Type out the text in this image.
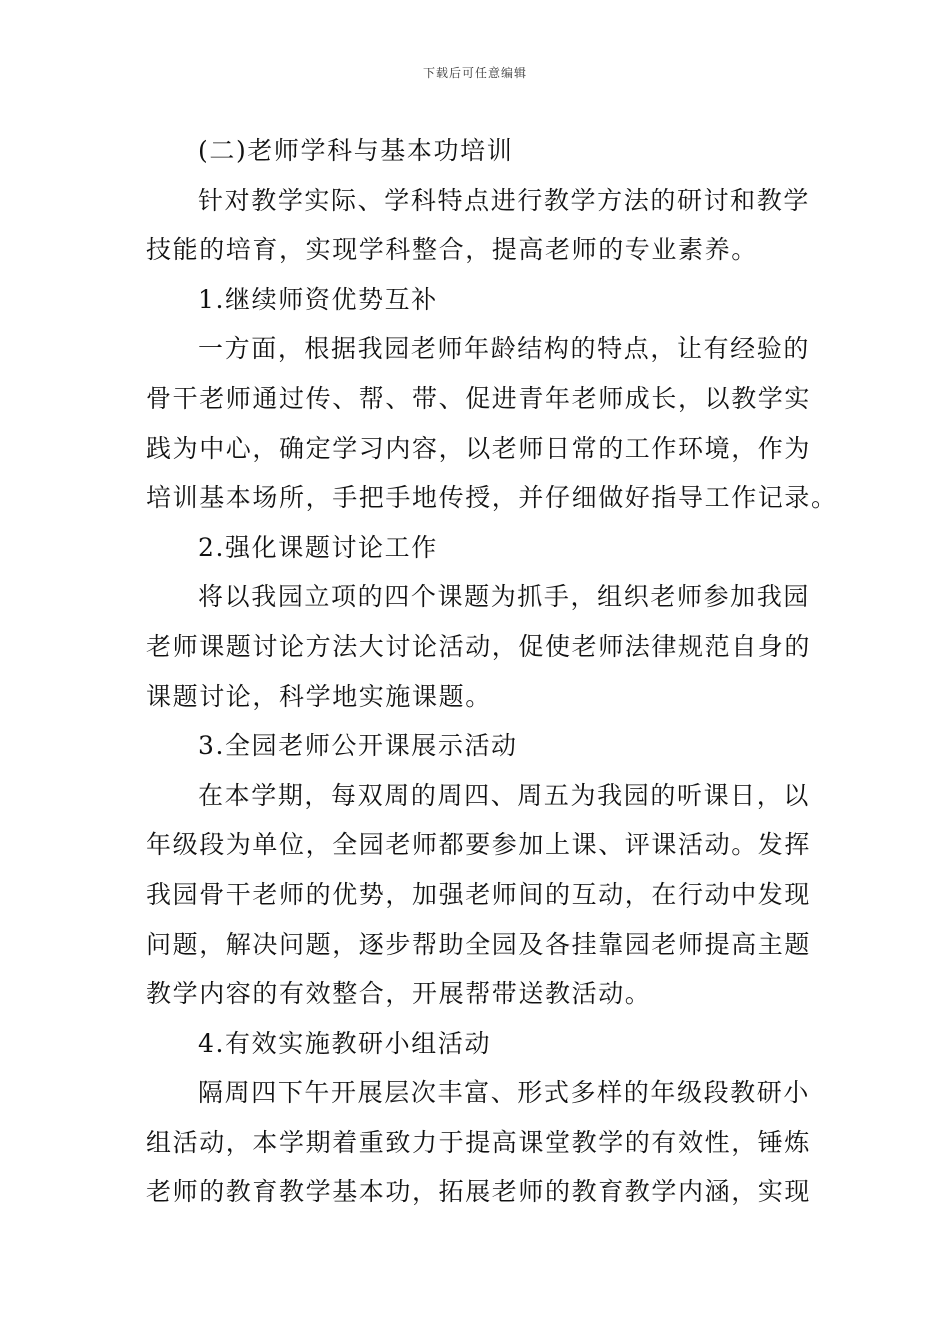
下载后可任意编辑
(二)老师学科与基本功培训
针对教学实际、学科特点进行教学方法的研讨和教学
技能的培育，实现学科整合，提高老师的专业素养。
1.继续师资优势互补
一方面，根据我园老师年龄结构的特点，让有经验的
骨干老师通过传、帮、带、促进青年老师成长，以教学实
践为中心，确定学习内容，以老师日常的工作环境，作为
培训基本场所，手把手地传授，并仔细做好指导工作记录。
2.强化课题讨论工作
将以我园立项的四个课题为抓手，组织老师参加我园
老师课题讨论方法大讨论活动，促使老师法律规范自身的
课题讨论，科学地实施课题。
3.全园老师公开课展示活动
在本学期，每双周的周四、周五为我园的听课日，以
年级段为单位，全园老师都要参加上课、评课活动。发挥
我园骨干老师的优势，加强老师间的互动，在行动中发现
问题，解决问题，逐步帮助全园及各挂靠园老师提高主题
教学内容的有效整合，开展帮带送教活动。
4.有效实施教研小组活动
隔周四下午开展层次丰富、形式多样的年级段教研小
组活动，本学期着重致力于提高课堂教学的有效性，锤炼
老师的教育教学基本功，拓展老师的教育教学内涵，实现
